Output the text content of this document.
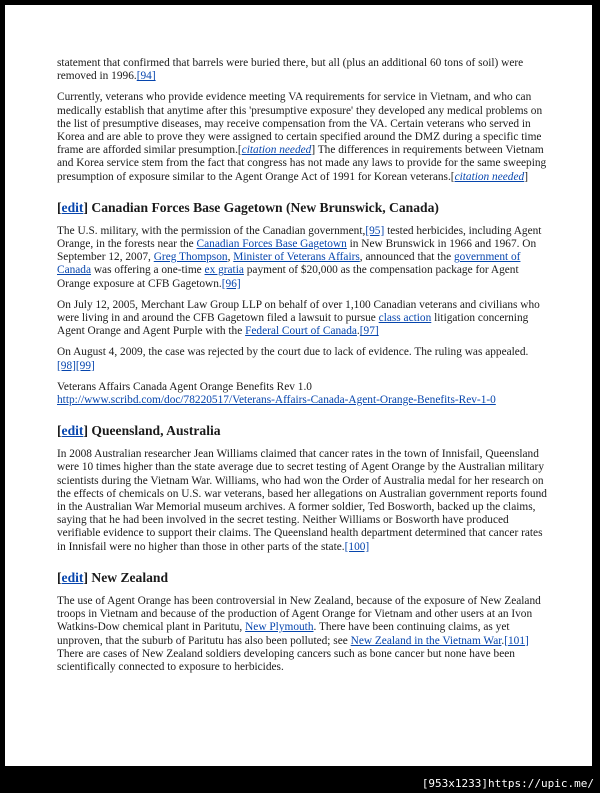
statement that confirmed that barrels were buried there, but all (plus an additional 60 tons of soil) were removed in 1996.[94]

Currently, veterans who provide evidence meeting VA requirements for service in Vietnam, and who can medically establish that anytime after this 'presumptive exposure' they developed any medical problems on the list of presumptive diseases, may receive compensation from the VA. Certain veterans who served in Korea and are able to prove they were assigned to certain specified around the DMZ during a specific time frame are afforded similar presumption.[citation needed] The differences in requirements between Vietnam and Korea service stem from the fact that congress has not made any laws to provide for the same sweeping presumption of exposure similar to the Agent Orange Act of 1991 for Korean veterans.[citation needed]

[edit] Canadian Forces Base Gagetown (New Brunswick, Canada)

The U.S. military, with the permission of the Canadian government,[95] tested herbicides, including Agent Orange, in the forests near the Canadian Forces Base Gagetown in New Brunswick in 1966 and 1967. On September 12, 2007, Greg Thompson, Minister of Veterans Affairs, announced that the government of Canada was offering a one-time ex gratia payment of $20,000 as the compensation package for Agent Orange exposure at CFB Gagetown.[96]

On July 12, 2005, Merchant Law Group LLP on behalf of over 1,100 Canadian veterans and civilians who were living in and around the CFB Gagetown filed a lawsuit to pursue class action litigation concerning Agent Orange and Agent Purple with the Federal Court of Canada.[97]

On August 4, 2009, the case was rejected by the court due to lack of evidence. The ruling was appealed. [98][99]

Veterans Affairs Canada Agent Orange Benefits Rev 1.0
http://www.scribd.com/doc/78220517/Veterans-Affairs-Canada-Agent-Orange-Benefits-Rev-1-0

[edit] Queensland, Australia

In 2008 Australian researcher Jean Williams claimed that cancer rates in the town of Innisfail, Queensland were 10 times higher than the state average due to secret testing of Agent Orange by the Australian military scientists during the Vietnam War. Williams, who had won the Order of Australia medal for her research on the effects of chemicals on U.S. war veterans, based her allegations on Australian government reports found in the Australian War Memorial museum archives. A former soldier, Ted Bosworth, backed up the claims, saying that he had been involved in the secret testing. Neither Williams or Bosworth have produced verifiable evidence to support their claims. The Queensland health department determined that cancer rates in Innisfail were no higher than those in other parts of the state.[100]

[edit] New Zealand

The use of Agent Orange has been controversial in New Zealand, because of the exposure of New Zealand troops in Vietnam and because of the production of Agent Orange for Vietnam and other users at an Ivon Watkins-Dow chemical plant in Paritutu, New Plymouth. There have been continuing claims, as yet unproven, that the suburb of Paritutu has also been polluted; see New Zealand in the Vietnam War.[101] There are cases of New Zealand soldiers developing cancers such as bone cancer but none have been scientifically connected to exposure to herbicides.

[953x1233]https://upic.me/
